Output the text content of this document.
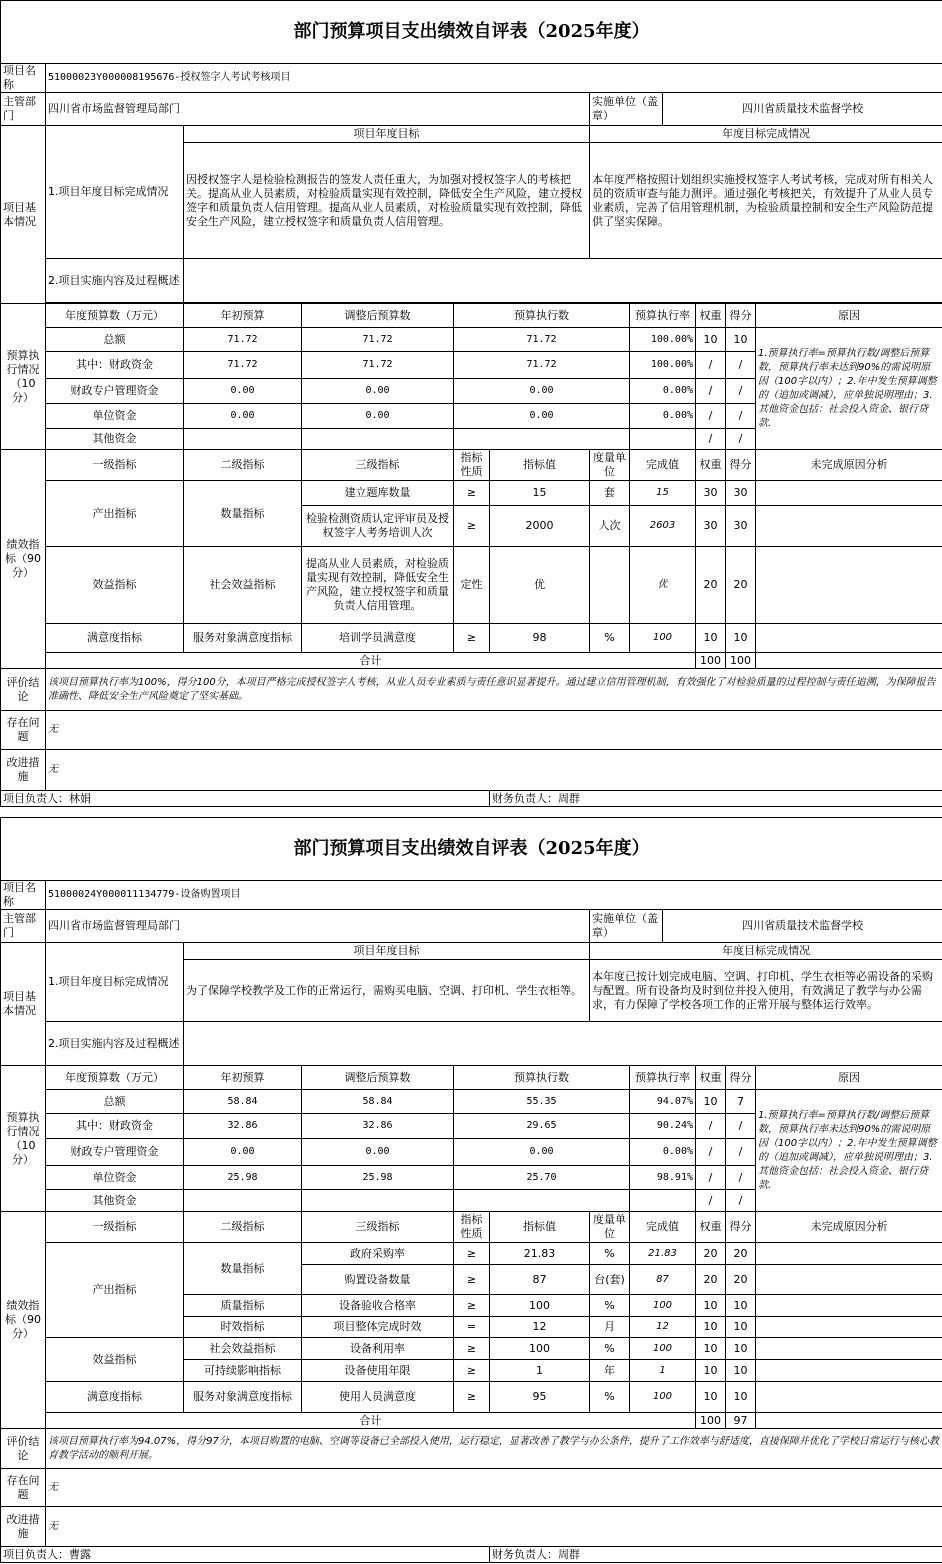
部门预算项目支出绩效自评表（2025年度）											
项目名称	51000023Y000008195676-授权签字人考试考核项目										
主管部门	四川省市场监督管理局部门					实施单位（盖章）		四川省质量技术监督学校			
项目基本情况	1.项目年度目标完成情况	项目年度目标				年度目标完成情况					
		因授权签字人是检验检测报告的签发人责任重大，为加强对授权签字人的考核把关。提高从业人员素质，对检验质量实现有效控制，降低安全生产风险，建立授权签字和质量负责人信用管理。提高从业人员素质，对检验质量实现有效控制，降低安全生产风险，建立授权签字和质量负责人信用管理。				本年度严格按照计划组织实施授权签字人考试考核，完成对所有相关人员的资质审查与能力测评。通过强化考核把关，有效提升了从业人员专业素质，完善了信用管理机制，为检验质量控制和安全生产风险防范提供了坚实保障。					
	2.项目实施内容及过程概述										

预算执行情况（10分）	年度预算数（万元）	年初预算	调整后预算数	预算执行数			预算执行率		权重	得分	原因
	总额	71.72	71.72	71.72			100.00%		10	10	1.预算执行率=预算执行数/调整后预算数，预算执行率未达到90%的需说明原因（100字以内）；2.年中发生预算调整的（追加或调减），应单独说明理由；3.其他资金包括：社会投入资金、银行贷款.
	其中：财政资金	71.72	71.72	71.72			100.00%		/	/	
	财政专户管理资金	0.00	0.00	0.00			0.00%		/	/	
	单位资金	0.00	0.00	0.00			0.00%		/	/	
	其他资金								/	/	
绩效指标（90分）	一级指标	二级指标	三级指标	指标性质	指标值	度量单位	完成值		权重	得分	未完成原因分析
	产出指标	数量指标	建立题库数量	≥	15	套	15		30	30	
			检验检测资质认定评审员及授权签字人考务培训人次	≥	2000	人次	2603		30	30	
	效益指标	社会效益指标	提高从业人员素质，对检验质量实现有效控制，降低安全生产风险，建立授权签字和质量负责人信用管理。	定性	优		优		20	20	
	满意度指标	服务对象满意度指标	培训学员满意度	≥	98	%	100		10	10	
	合计								100	100	
评价结论	该项目预算执行率为100%，得分100分，本项目严格完成授权签字人考核，从业人员专业素质与责任意识显著提升。通过建立信用管理机制，有效强化了对检验质量的过程控制与责任追溯，为保障报告准确性、降低安全生产风险奠定了坚实基础。										
存在问题	无										
改进措施	无										
项目负责人：林娟					财务负责人：周群						
部门预算项目支出绩效自评表（2025年度）											
项目名称	51000024Y000011134779-设备购置项目										
主管部门	四川省市场监督管理局部门					实施单位（盖章）		四川省质量技术监督学校			
项目基本情况	1.项目年度目标完成情况	项目年度目标				年度目标完成情况					
		为了保障学校教学及工作的正常运行，需购买电脑、空调、打印机、学生衣柜等。				本年度已按计划完成电脑、空调、打印机、学生衣柜等必需设备的采购与配置。所有设备均及时到位并投入使用，有效满足了教学与办公需求，有力保障了学校各项工作的正常开展与整体运行效率。					
	2.项目实施内容及过程概述										
预算执行情况（10分）	年度预算数（万元）	年初预算	调整后预算数	预算执行数			预算执行率		权重	得分	原因
	总额	58.84	58.84	55.35			94.07%		10	7	1.预算执行率=预算执行数/调整后预算数，预算执行率未达到90%的需说明原因（100字以内）；2.年中发生预算调整的（追加或调减），应单独说明理由；3.其他资金包括：社会投入资金、银行贷款.
	其中：财政资金	32.86	32.86	29.65			90.24%		/	/	
	财政专户管理资金	0.00	0.00	0.00			0.00%		/	/	
	单位资金	25.98	25.98	25.70			98.91%		/	/	
	其他资金								/	/	
绩效指标（90分）	一级指标	二级指标	三级指标	指标性质	指标值	度量单位	完成值		权重	得分	未完成原因分析
	产出指标	数量指标	政府采购率	≥	21.83	%	21.83		20	20	
			购置设备数量	≥	87	台(套)	87		20	20	
		质量指标	设备验收合格率	≥	100	%	100		10	10	
		时效指标	项目整体完成时效	=	12	月	12		10	10	
	效益指标	社会效益指标	设备利用率	≥	100	%	100		10	10	
		可持续影响指标	设备使用年限	≥	1	年	1		10	10	
	满意度指标	服务对象满意度指标	使用人员满意度	≥	95	%	100		10	10	
	合计								100	97	
评价结论	该项目预算执行率为94.07%，得分97分，本项目购置的电脑、空调等设备已全部投入使用，运行稳定，显著改善了教学与办公条件，提升了工作效率与舒适度，直接保障并优化了学校日常运行与核心教育教学活动的顺利开展。										
存在问题	无										
改进措施	无										
项目负责人：曹露					财务负责人：周群						
